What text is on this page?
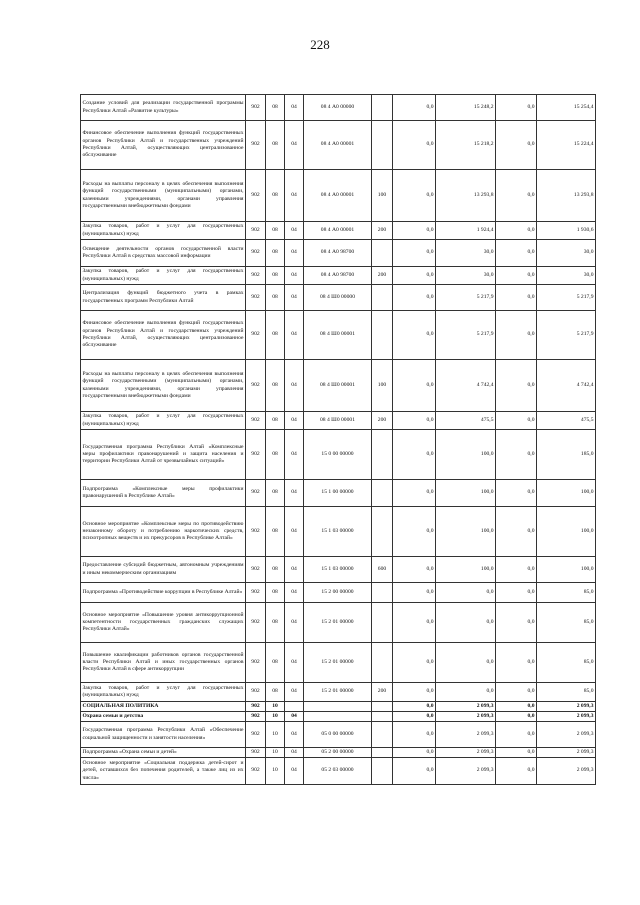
228
Создание условий для реализации государственной программы Республики Алтай «Развитие культуры»	902	08	04	08 4 А0 00000		0,0	15 248,2	0,0	15 254,4
Финансовое обеспечение выполнения функций государственных органов Республики Алтай и государственных учреждений Республики Алтай, осуществляющих централизованное обслуживание	902	08	04	08 4 А0 00001		0,0	15 218,2	0,0	15 224,4
Расходы на выплаты персоналу в целях обеспечения выполнения функций государственными (муниципальными) органами, казенными учреждениями, органами управления государственными внебюджетными фондами	902	08	04	08 4 А0 00001	100	0,0	13 293,8	0,0	13 293,8
Закупка товаров, работ и услуг для государственных (муниципальных) нужд	902	08	04	08 4 А0 00001	200	0,0	1 924,4	0,0	1 930,6
Освещение деятельности органов государственной власти Республики Алтай в средствах массовой информации	902	08	04	08 4 А0 98700		0,0	30,0	0,0	30,0
Закупка товаров, работ и услуг для государственных (муниципальных) нужд	902	08	04	08 4 А0 98700	200	0,0	30,0	0,0	30,0
Централизация функций бюджетного учета в рамках государственных программ Республики Алтай	902	08	04	08 4 Ш0 00000		0,0	5 217,9	0,0	5 217,9
Финансовое обеспечение выполнения функций государственных органов Республики Алтай и государственных учреждений Республики Алтай, осуществляющих централизованное обслуживание	902	08	04	08 4 Ш0 00001		0,0	5 217,9	0,0	5 217,9
Расходы на выплаты персоналу в целях обеспечения выполнения функций государственными (муниципальными) органами, казенными учреждениями, органами управления государственными внебюджетными фондами	902	08	04	08 4 Ш0 00001	100	0,0	4 742,4	0,0	4 742,4
Закупка товаров, работ и услуг для государственных (муниципальных) нужд	902	08	04	08 4 Ш0 00001	200	0,0	475,5	0,0	475,5
Государственная программа Республики Алтай «Комплексные меры профилактики правонарушений и защита населения и территории Республики Алтай от чрезвычайных ситуаций»	902	08	04	15 0 00 00000		0,0	100,0	0,0	185,0
Подпрограмма «Комплексные меры профилактики правонарушений в Республике Алтай»	902	08	04	15 1 00 00000		0,0	100,0	0,0	100,0
Основное мероприятие «Комплексные меры по противодействию незаконному обороту и потреблению наркотических средств, психотропных веществ и их прекурсоров в Республике Алтай»	902	08	04	15 1 03 00000		0,0	100,0	0,0	100,0
Предоставление субсидий бюджетным, автономным учреждениям и иным некоммерческим организациям	902	08	04	15 1 03 00000	600	0,0	100,0	0,0	100,0
Подпрограмма «Противодействие коррупции в Республике Алтай»	902	08	04	15 2 00 00000		0,0	0,0	0,0	85,0
Основное мероприятие «Повышение уровня антикоррупционной компетентности государственных гражданских служащих Республики Алтай»	902	08	04	15 2 01 00000		0,0	0,0	0,0	85,0
Повышение квалификации работников органов государственной власти Республики Алтай и иных государственных органов Республики Алтай в сфере антикоррупции	902	08	04	15 2 01 00000		0,0	0,0	0,0	85,0
Закупка товаров, работ и услуг для государственных (муниципальных) нужд	902	08	04	15 2 01 00000	200	0,0	0,0	0,0	85,0
СОЦИАЛЬНАЯ ПОЛИТИКА	902	10				0,0	2 099,3	0,0	2 099,3
Охрана семьи и детства	902	10	04			0,0	2 099,3	0,0	2 099,3
Государственная программа Республики Алтай «Обеспечение социальной защищенности и занятости населения»	902	10	04	05 0 00 00000		0,0	2 099,3	0,0	2 099,3
Подпрограмма «Охрана семьи и детей»	902	10	04	05 2 00 00000		0,0	2 099,3	0,0	2 099,3
Основное мероприятие «Социальная поддержка детей-сирот и детей, оставшихся без попечения родителей, а также лиц из их числа»	902	10	04	05 2 03 00000		0,0	2 099,3	0,0	2 099,3
